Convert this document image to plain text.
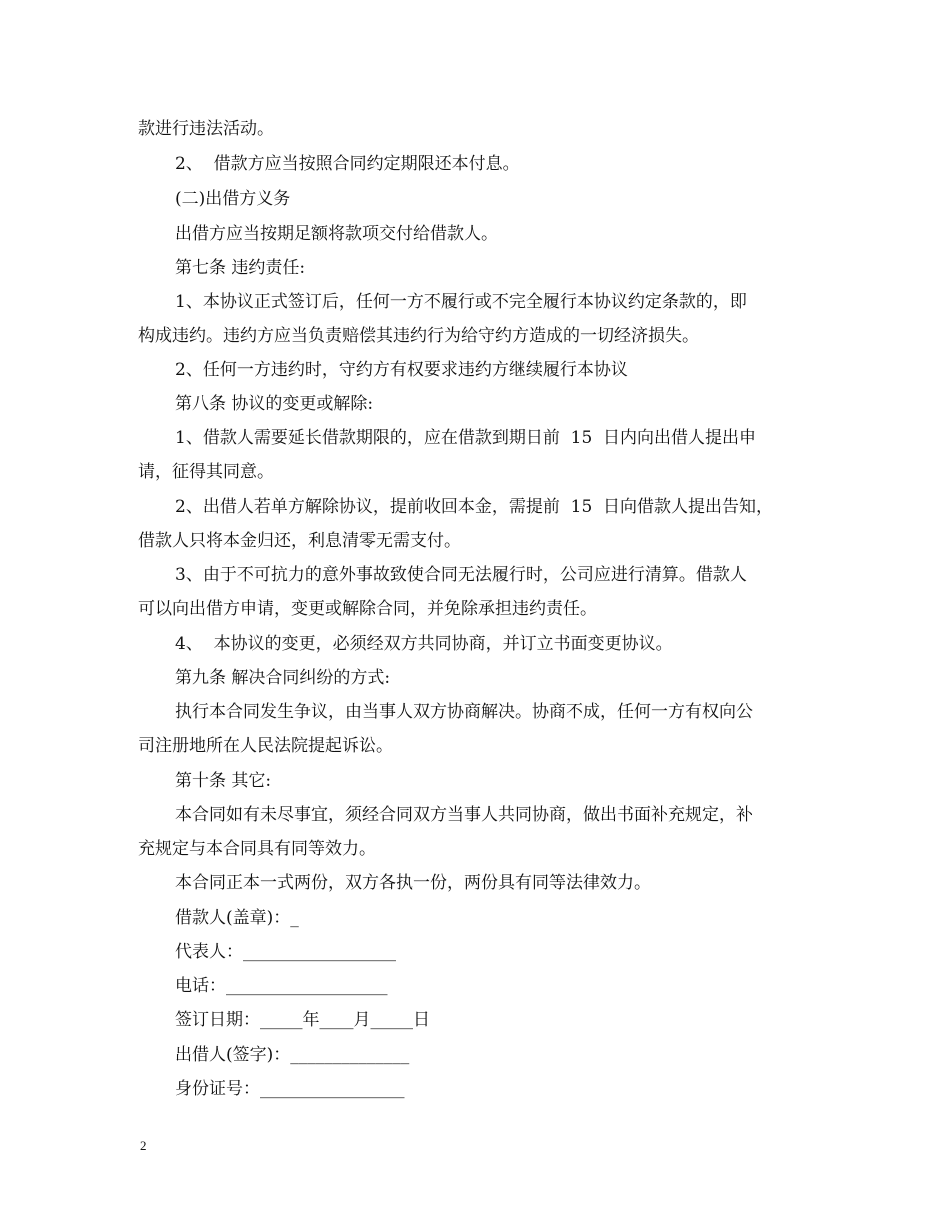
款进行违法活动。
2、  借款方应当按照合同约定期限还本付息。
(二)出借方义务
出借方应当按期足额将款项交付给借款人。
第七条 违约责任:
1、本协议正式签订后，任何一方不履行或不完全履行本协议约定条款的，即
构成违约。违约方应当负责赔偿其违约行为给守约方造成的一切经济损失。
2、任何一方违约时，守约方有权要求违约方继续履行本协议
第八条 协议的变更或解除:
1、借款人需要延长借款期限的，应在借款到期日前  15  日内向出借人提出申
请，征得其同意。
2、出借人若单方解除协议，提前收回本金，需提前  15  日向借款人提出告知，
借款人只将本金归还，利息清零无需支付。
3、由于不可抗力的意外事故致使合同无法履行时，公司应进行清算。借款人
可以向出借方申请，变更或解除合同，并免除承担违约责任。
4、  本协议的变更，必须经双方共同协商，并订立书面变更协议。
第九条 解决合同纠纷的方式:
执行本合同发生争议，由当事人双方协商解决。协商不成，任何一方有权向公
司注册地所在人民法院提起诉讼。
第十条 其它:
本合同如有未尽事宜，须经合同双方当事人共同协商，做出书面补充规定，补
充规定与本合同具有同等效力。
本合同正本一式两份，双方各执一份，两份具有同等法律效力。
借款人(盖章)：_
代表人：__________________
电话：___________________
签订日期：_____年____月_____日
出借人(签字)：______________
身份证号：_________________
2
